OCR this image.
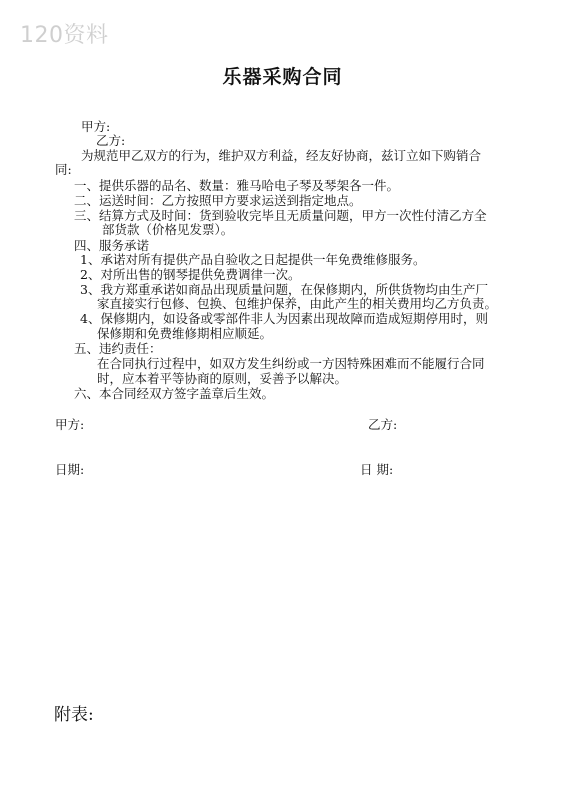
120资料
乐器采购合同
甲方:
乙方:
为规范甲乙双方的行为，维护双方利益，经友好协商，兹订立如下购销合
同:
一、提供乐器的品名、数量：雅马哈电子琴及琴架各一件。
二、运送时间：乙方按照甲方要求运送到指定地点。
三、结算方式及时间：货到验收完毕且无质量问题，甲方一次性付清乙方全
部货款（价格见发票）。
四、服务承诺
1、承诺对所有提供产品自验收之日起提供一年免费维修服务。
2、对所出售的钢琴提供免费调律一次。
3、我方郑重承诺如商品出现质量问题，在保修期内，所供货物均由生产厂
家直接实行包修、包换、包维护保养，由此产生的相关费用均乙方负责。
4、保修期内，如设备或零部件非人为因素出现故障而造成短期停用时，则
保修期和免费维修期相应顺延。
五、违约责任：
在合同执行过程中，如双方发生纠纷或一方因特殊困难而不能履行合同
时，应本着平等协商的原则，妥善予以解决。
六、本合同经双方签字盖章后生效。
甲方:	乙方:
日期:	日 期:
附表:
